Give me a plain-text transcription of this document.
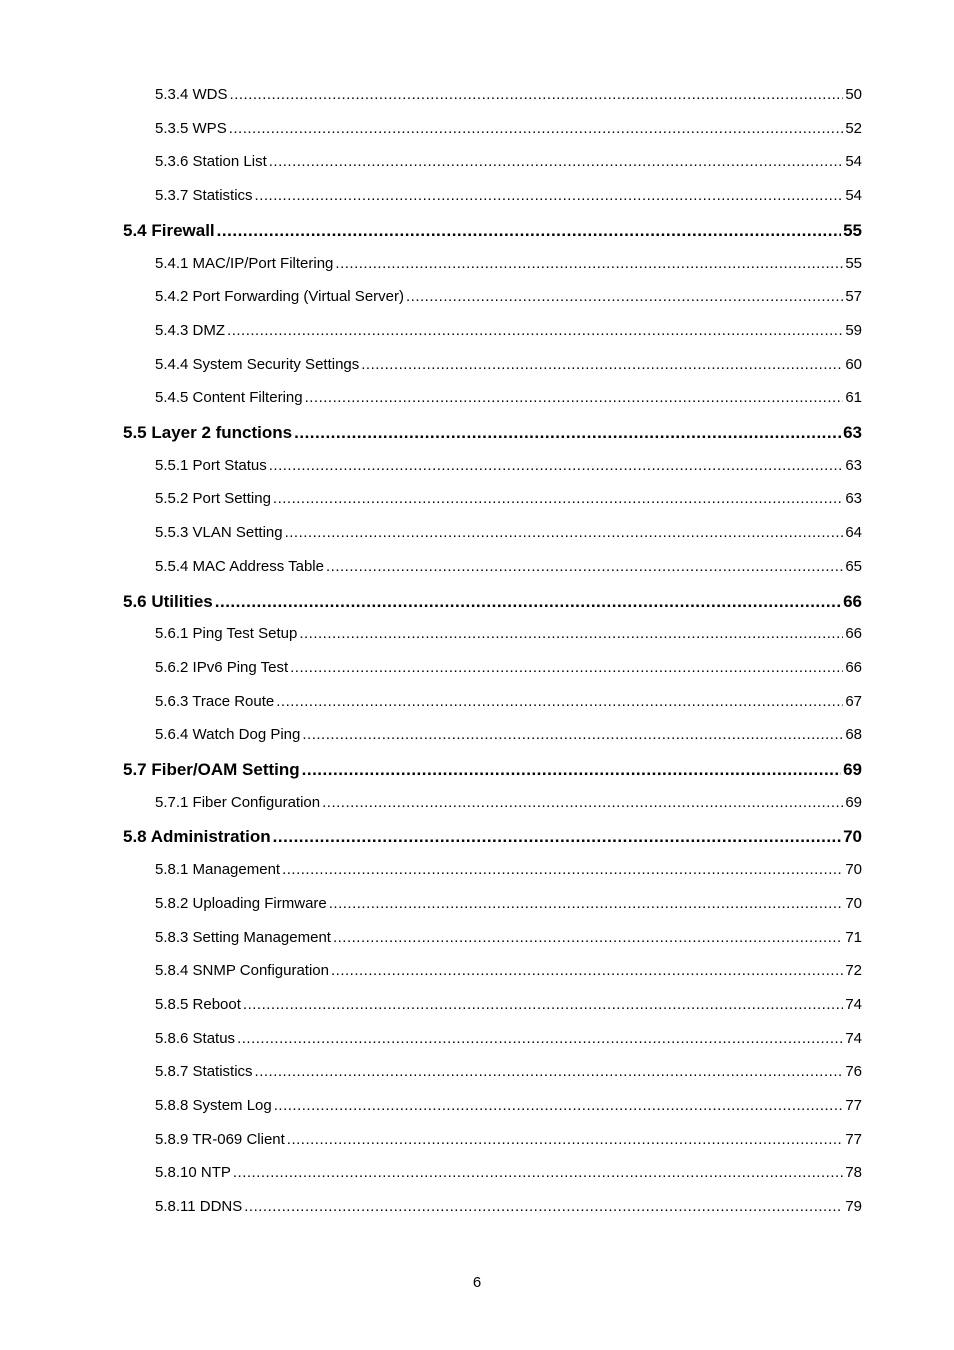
5.3.4 WDS .....	50
5.3.5 WPS .....	52
5.3.6 Station List .....	54
5.3.7 Statistics .....	54
5.4 Firewall .....	55
5.4.1 MAC/IP/Port Filtering .....	55
5.4.2 Port Forwarding (Virtual Server) .....	57
5.4.3 DMZ .....	59
5.4.4 System Security Settings .....	60
5.4.5 Content Filtering .....	61
5.5 Layer 2 functions .....	63
5.5.1 Port Status .....	63
5.5.2 Port Setting .....	63
5.5.3 VLAN Setting .....	64
5.5.4 MAC Address Table .....	65
5.6 Utilities .....	66
5.6.1 Ping Test Setup .....	66
5.6.2 IPv6 Ping Test .....	66
5.6.3 Trace Route .....	67
5.6.4 Watch Dog Ping .....	68
5.7 Fiber/OAM Setting .....	69
5.7.1 Fiber Configuration .....	69
5.8 Administration .....	70
5.8.1 Management .....	70
5.8.2 Uploading Firmware .....	70
5.8.3 Setting Management .....	71
5.8.4 SNMP Configuration .....	72
5.8.5 Reboot .....	74
5.8.6 Status .....	74
5.8.7 Statistics .....	76
5.8.8 System Log .....	77
5.8.9 TR-069 Client .....	77
5.8.10 NTP .....	78
5.8.11 DDNS .....	79
6
